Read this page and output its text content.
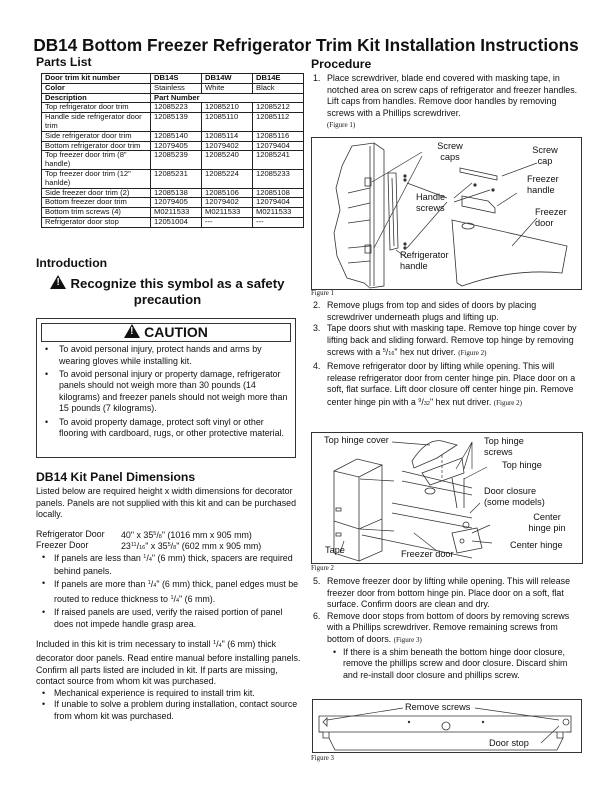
DB14 Bottom Freezer Refrigerator Trim Kit Installation Instructions
Parts List
Door trim kit number	DB14S	DB14W	DB14E
Color	Stainless	White	Black
Description	Part Number		
Top refrigerator door trim	12085223	12085210	12085212
Handle side refrigerator door trim	12085139	12085110	12085112
Side refrigerator door trim	12085140	12085114	12085116
Bottom refrigerator door trim	12079405	12079402	12079404
Top freezer door trim (8" handle)	12085239	12085240	12085241
Top freezer door trim (12" hanlde)	12085231	12085224	12085233
Side freezer door trim (2)	12085138	12085106	12085108
Bottom freezer door trim	12079405	12079402	12079404
Bottom trim screws (4)	M0211533	M0211533	M0211533
Refrigerator door stop	12051004	---	---
Introduction
!Recognize this symbol as a safety precaution
!CAUTION
• To avoid personal injury, protect hands and arms by wearing gloves while installing kit.
• To avoid personal injury or property damage, refrigerator panels should not weigh more than 30 pounds (14 kilograms) and freezer panels should not weigh more than 15 pounds (7 kilograms).
• To avoid property damage, protect soft vinyl or other flooring with cardboard, rugs, or other protective material.
DB14 Kit Panel Dimensions
Listed below are required height x width dimensions for decorator panels. Panels are not supplied with this kit and can be purchased locally.
Refrigerator Door 40" x $35^5/8$" (1016 mm x 905 mm)
Freezer Door	$23^{11}/16$" x $35^5/8$" (602 mm x 905 mm)
• If panels are less than $^1$/4" (6 mm) thick, spacers are required behind panels.
• If panels are more than $^1$/4" (6 mm) thick, panel edges must be routed to reduce thickness to $^1$/4" (6 mm).
• If raised panels are used, verify the raised portion of panel does not impede handle grasp area.
Included in this kit is trim necessary to install $^1$/4" (6 mm) thick decorator door panels. Read entire manual before installing panels. Confirm all parts listed are included in kit. If parts are missing, contact source from whom kit was purchased.
• Mechanical experience is required to install trim kit.
• If unable to solve a problem during installation, contact source from whom kit was purchased.
Procedure
1. Place screwdriver, blade end covered with masking tape, in notched area on screw caps of refrigerator and freezer handles. Lift caps from handles. Remove door handles by removing screws with a Phillips screwdriver.
(Figure 1)
Screw caps
Screw cap
Freezer handle
Handle screws	Freezer door
Refrigerator handle
Figure 1
2. Remove plugs from top and sides of doors by placing screwdriver underneath plugs and lifting up.
3. Tape doors shut with masking tape. Remove top hinge cover by lifting back and sliding forward. Remove top hinge by removing screws with a $^5$/16" hex nut driver. (Figure 2)
4. Remove refrigerator door by lifting while opening. This will release refrigerator door from center hinge pin. Place door on a soft, flat surface. Lift door closure off center hinge pin. Remove center hinge pin with a $^9$/32" hex nut driver. (Figure 2)
Top hinge cover	Top hinge screws
Top hinge
Door closure (some models)
Center hinge pin
Center hinge
Tape	Freezer door
Figure 2
5. Remove freezer door by lifting while opening. This will release freezer door from bottom hinge pin. Place door on a soft, flat surface. Confirm doors are clean and dry.
6. Remove door stops from bottom of doors by removing screws with a Phillips screwdriver. Remove remaining screws from bottom of doors. (Figure 3)
• If there is a shim beneath the bottom hinge door closure, remove the phillips screw and door closure. Discard shim and re-install door closure and phillips screw.
Remove screws
Door stop
Figure 3
